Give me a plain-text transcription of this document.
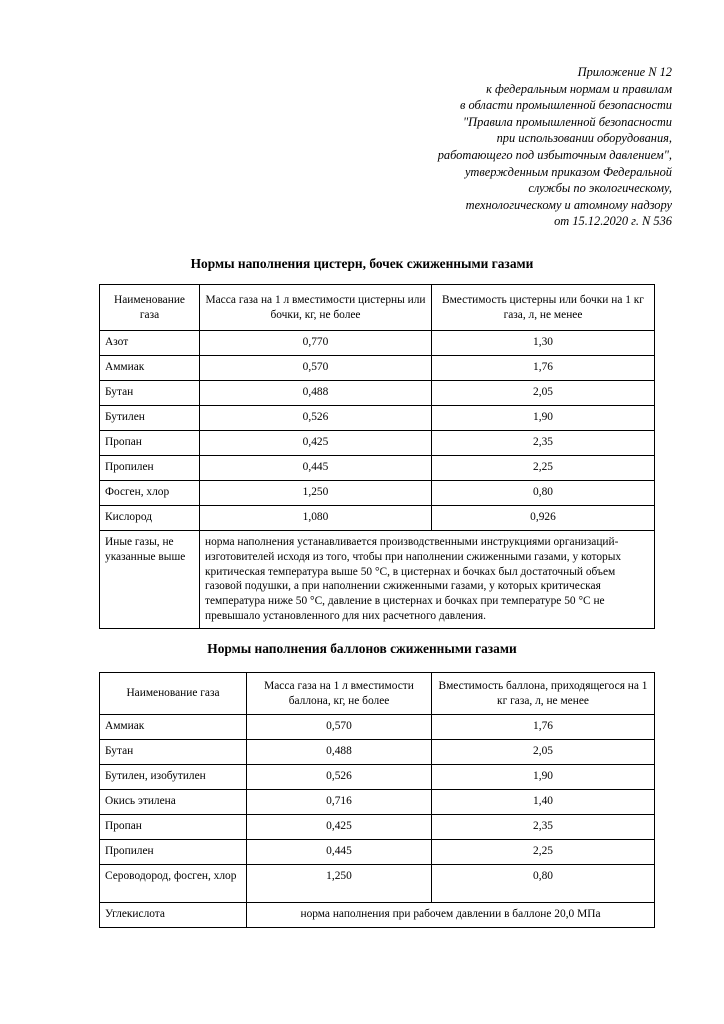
Приложение N 12
к федеральным нормам и правилам
в области промышленной безопасности
"Правила промышленной безопасности
при использовании оборудования,
работающего под избыточным давлением",
утвержденным приказом Федеральной
службы по экологическому,
технологическому и атомному надзору
от 15.12.2020 г. N 536
Нормы наполнения цистерн, бочек сжиженными газами
Наименование газа	Масса газа на 1 л вместимости цистерны или бочки, кг, не более	Вместимость цистерны или бочки на 1 кг газа, л, не менее
Азот	0,770	1,30
Аммиак	0,570	1,76
Бутан	0,488	2,05
Бутилен	0,526	1,90
Пропан	0,425	2,35
Пропилен	0,445	2,25
Фосген, хлор	1,250	0,80
Кислород	1,080	0,926
Иные газы, не указанные выше	норма наполнения устанавливается производственными инструкциями организаций-изготовителей исходя из того, чтобы при наполнении сжиженными газами, у которых критическая температура выше 50 °С, в цистернах и бочках был достаточный объем газовой подушки, а при наполнении сжиженными газами, у которых критическая температура ниже 50 °С, давление в цистернах и бочках при температуре 50 °С не превышало установленного для них расчетного давления.	
Нормы наполнения баллонов сжиженными газами
Наименование газа	Масса газа на 1 л вместимости баллона, кг, не более	Вместимость баллона, приходящегося на 1 кг газа, л, не менее
Аммиак	0,570	1,76
Бутан	0,488	2,05
Бутилен, изобутилен	0,526	1,90
Окись этилена	0,716	1,40
Пропан	0,425	2,35
Пропилен	0,445	2,25
Сероводород, фосген, хлор	1,250	0,80
Углекислота	норма наполнения при рабочем давлении в баллоне 20,0 МПа	
